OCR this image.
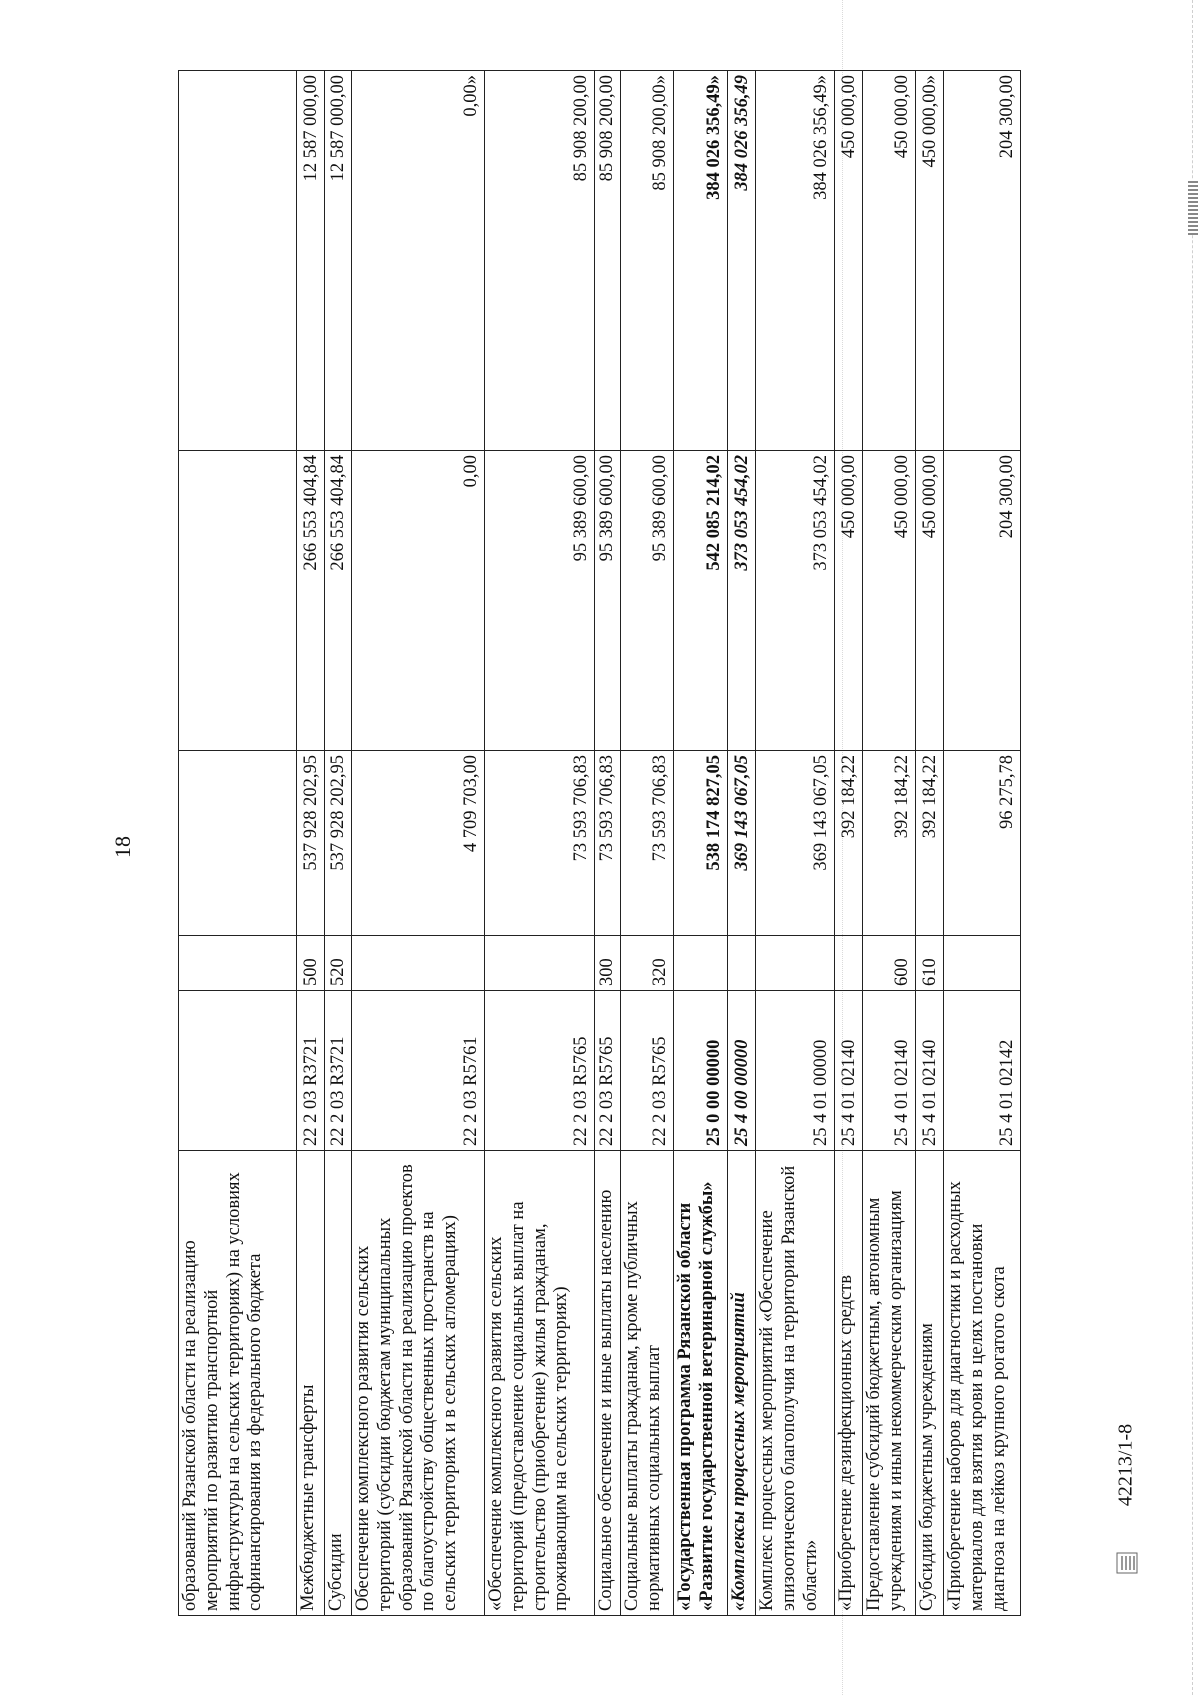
18
42213/1-8
образований Рязанской области на реализацию мероприятий по развитию транспортной инфраструктуры на сельских территориях) на условиях софинансирования из федерального бюджета					
Межбюджетные трансферты	22 2 03 R3721	500	537 928 202,95	266 553 404,84	12 587 000,00
Субсидии	22 2 03 R3721	520	537 928 202,95	266 553 404,84	12 587 000,00
Обеспечение комплексного развития сельских территорий (субсидии бюджетам муниципальных образований Рязанской области на реализацию проектов по благоустройству общественных пространств на сельских территориях и в сельских агломерациях)	22 2 03 R5761		4 709 703,00	0,00	0,00»
«Обеспечение комплексного развития сельских территорий (предоставление социальных выплат на строительство (приобретение) жилья гражданам, проживающим на сельских территориях)	22 2 03 R5765		73 593 706,83	95 389 600,00	85 908 200,00
Социальное обеспечение и иные выплаты населению	22 2 03 R5765	300	73 593 706,83	95 389 600,00	85 908 200,00
Социальные выплаты гражданам, кроме публичных нормативных социальных выплат	22 2 03 R5765	320	73 593 706,83	95 389 600,00	85 908 200,00»
«Государственная программа Рязанской области «Развитие государственной ветеринарной службы»	25 0 00 00000		538 174 827,05	542 085 214,02	384 026 356,49»
«Комплексы процессных мероприятий	25 4 00 00000		369 143 067,05	373 053 454,02	384 026 356,49
Комплекс процессных мероприятий «Обеспечение эпизоотического благополучия на территории Рязанской области»	25 4 01 00000		369 143 067,05	373 053 454,02	384 026 356,49»
«Приобретение дезинфекционных средств	25 4 01 02140		392 184,22	450 000,00	450 000,00
Предоставление субсидий бюджетным, автономным учреждениям и иным некоммерческим организациям	25 4 01 02140	600	392 184,22	450 000,00	450 000,00
Субсидии бюджетным учреждениям	25 4 01 02140	610	392 184,22	450 000,00	450 000,00»
«Приобретение наборов для диагностики и расходных материалов для взятия крови в целях постановки диагноза на лейкоз крупного рогатого скота	25 4 01 02142		96 275,78	204 300,00	204 300,00
